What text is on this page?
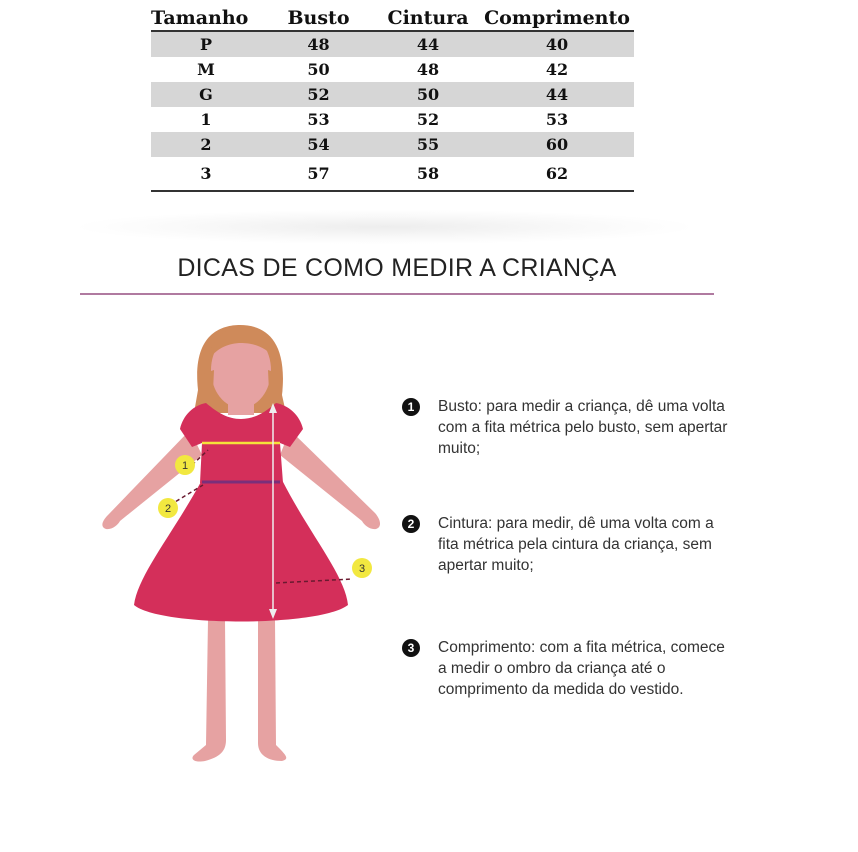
Tamanho	Busto	Cintura	Comprimento
P	48	44	40
M	50	48	42
G	52	50	44
1	53	52	53
2	54	55	60
3	57	58	62
DICAS DE COMO MEDIR A CRIANÇA
1
2
3
1	Busto: para medir a criança, dê uma volta com a fita métrica pelo busto, sem apertar muito;
2	Cintura: para medir, dê uma volta com a fita métrica pela cintura da criança, sem apertar muito;
3	Comprimento: com a fita métrica, comece a medir o ombro da criança até o comprimento da medida do vestido.
